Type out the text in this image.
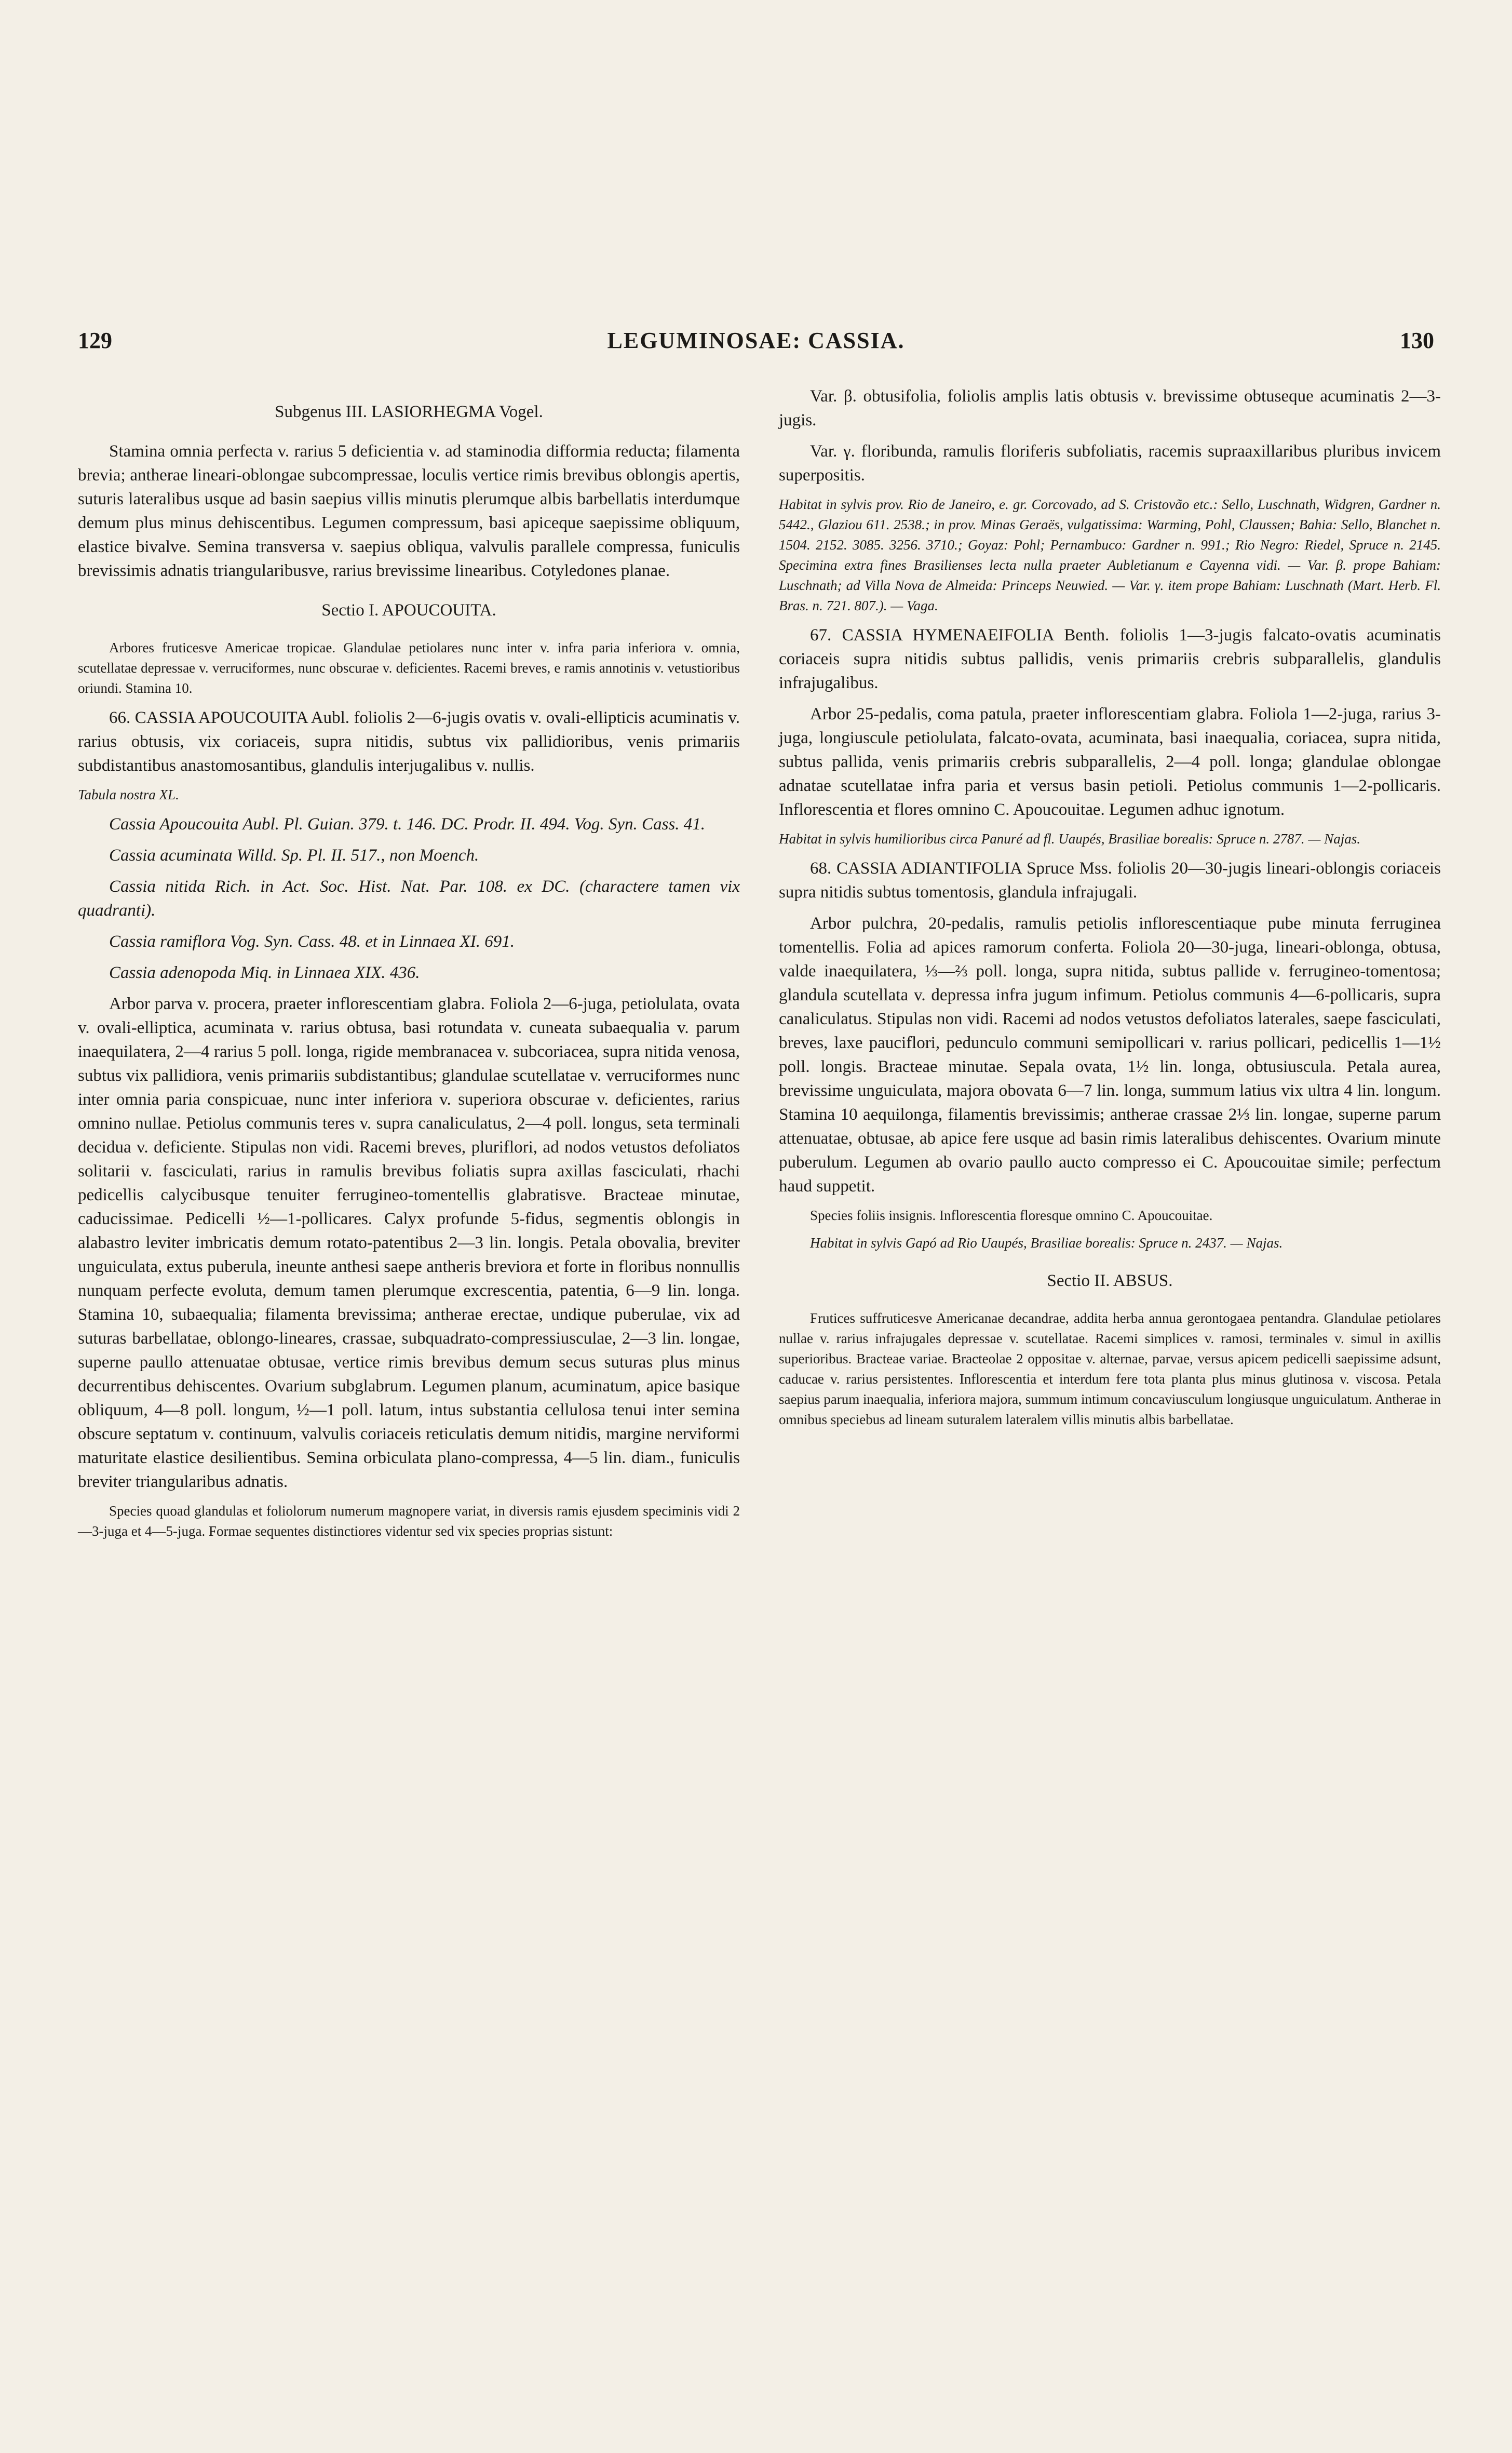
LEGUMINOSAE: CASSIA.
129	130

Subgenus III. LASIORHEGMA Vogel.

Stamina omnia perfecta v. rarius 5 deficientia v. ad staminodia difformia reducta; filamenta brevia; antherae lineari-oblongae subcompressae, loculis vertice rimis brevibus oblongis apertis, suturis lateralibus usque ad basin saepius villis minutis plerumque albis barbellatis interdumque demum plus minus dehiscentibus. Legumen compressum, basi apiceque saepissime obliquum, elastice bivalve. Semina transversa v. saepius obliqua, valvulis parallele compressa, funiculis brevissimis adnatis triangularibusve, rarius brevissime linearibus. Cotyledones planae.

Sectio I. APOUCOUITA.

Arbores fruticesve Americae tropicae. Glandulae petiolares nunc inter v. infra paria inferiora v. omnia, scutellatae depressae v. verruciformes, nunc obscurae v. deficientes. Racemi breves, e ramis annotinis v. vetustioribus oriundi. Stamina 10.

66. CASSIA APOUCOUITA Aubl. foliolis 2—6-jugis ovatis v. ovali-ellipticis acuminatis v. rarius obtusis, vix coriaceis, supra nitidis, subtus vix pallidioribus, venis primariis subdistantibus anastomosantibus, glandulis interjugalibus v. nullis.

Tabula nostra XL.

Cassia Apoucouita Aubl. Pl. Guian. 379. t. 146. DC. Prodr. II. 494. Vog. Syn. Cass. 41.

Cassia acuminata Willd. Sp. Pl. II. 517., non Moench.

Cassia nitida Rich. in Act. Soc. Hist. Nat. Par. 108. ex DC. (charactere tamen vix quadranti).

Cassia ramiflora Vog. Syn. Cass. 48. et in Linnaea XI. 691.

Cassia adenopoda Miq. in Linnaea XIX. 436.

Arbor parva v. procera, praeter inflorescentiam glabra. Foliola 2—6-juga, petiolulata, ovata v. ovali-elliptica, acuminata v. rarius obtusa, basi rotundata v. cuneata subaequalia v. parum inaequilatera, 2—4 rarius 5 poll. longa, rigide membranacea v. subcoriacea, supra nitida venosa, subtus vix pallidiora, venis primariis subdistantibus; glandulae scutellatae v. verruciformes nunc inter omnia paria conspicuae, nunc inter inferiora v. superiora obscurae v. deficientes, rarius omnino nullae. Petiolus communis teres v. supra canaliculatus, 2—4 poll. longus, seta terminali decidua v. deficiente. Stipulas non vidi. Racemi breves, pluriflori, ad nodos vetustos defoliatos solitarii v. fasciculati, rarius in ramulis brevibus foliatis supra axillas fasciculati, rhachi pedicellis calycibusque tenuiter ferrugineo-tomentellis glabratisve. Bracteae minutae, caducissimae. Pedicelli ½—1-pollicares. Calyx profunde 5-fidus, segmentis oblongis in alabastro leviter imbricatis demum rotato-patentibus 2—3 lin. longis. Petala obovalia, breviter unguiculata, extus puberula, ineunte anthesi saepe antheris breviora et forte in floribus nonnullis nunquam perfecte evoluta, demum tamen plerumque excrescentia, patentia, 6—9 lin. longa. Stamina 10, subaequalia; filamenta brevissima; antherae erectae, undique puberulae, vix ad suturas barbellatae, oblongo-lineares, crassae, subquadrato-compressiusculae, 2—3 lin. longae, superne paullo attenuatae obtusae, vertice rimis brevibus demum secus suturas plus minus decurrentibus dehiscentes. Ovarium subglabrum. Legumen planum, acuminatum, apice basique obliquum, 4—8 poll. longum, ½—1 poll. latum, intus substantia cellulosa tenui inter semina obscure septatum v. continuum, valvulis coriaceis reticulatis demum nitidis, margine nerviformi maturitate elastice desilientibus. Semina orbiculata plano-compressa, 4—5 lin. diam., funiculis breviter triangularibus adnatis.

Species quoad glandulas et foliolorum numerum magnopere variat, in diversis ramis ejusdem speciminis vidi 2—3-juga et 4—5-juga. Formae sequentes distinctiores videntur sed vix species proprias sistunt:

Var. β. obtusifolia, foliolis amplis latis obtusis v. brevissime obtuseque acuminatis 2—3-jugis.

Var. γ. floribunda, ramulis floriferis subfoliatis, racemis supraaxillaribus pluribus invicem superpositis.

Habitat in sylvis prov. Rio de Janeiro, e. gr. Corcovado, ad S. Cristovão etc.: Sello, Luschnath, Widgren, Gardner n. 5442., Glaziou 611. 2538.; in prov. Minas Geraës, vulgatissima: Warming, Pohl, Claussen; Bahia: Sello, Blanchet n. 1504. 2152. 3085. 3256. 3710.; Goyaz: Pohl; Pernambuco: Gardner n. 991.; Rio Negro: Riedel, Spruce n. 2145. Specimina extra fines Brasilienses lecta nulla praeter Aubletianum e Cayenna vidi. — Var. β. prope Bahiam: Luschnath; ad Villa Nova de Almeida: Princeps Neuwied. — Var. γ. item prope Bahiam: Luschnath (Mart. Herb. Fl. Bras. n. 721. 807.). — Vaga.

67. CASSIA HYMENAEIFOLIA Benth. foliolis 1—3-jugis falcato-ovatis acuminatis coriaceis supra nitidis subtus pallidis, venis primariis crebris subparallelis, glandulis infrajugalibus.

Arbor 25-pedalis, coma patula, praeter inflorescentiam glabra. Foliola 1—2-juga, rarius 3-juga, longiuscule petiolulata, falcato-ovata, acuminata, basi inaequalia, coriacea, supra nitida, subtus pallida, venis primariis crebris subparallelis, 2—4 poll. longa; glandulae oblongae adnatae scutellatae infra paria et versus basin petioli. Petiolus communis 1—2-pollicaris. Inflorescentia et flores omnino C. Apoucouitae. Legumen adhuc ignotum.

Habitat in sylvis humilioribus circa Panuré ad fl. Uaupés, Brasiliae borealis: Spruce n. 2787. — Najas.

68. CASSIA ADIANTIFOLIA Spruce Mss. foliolis 20—30-jugis lineari-oblongis coriaceis supra nitidis subtus tomentosis, glandula infrajugali.

Arbor pulchra, 20-pedalis, ramulis petiolis inflorescentiaque pube minuta ferruginea tomentellis. Folia ad apices ramorum conferta. Foliola 20—30-juga, lineari-oblonga, obtusa, valde inaequilatera, ⅓—⅔ poll. longa, supra nitida, subtus pallide v. ferrugineo-tomentosa; glandula scutellata v. depressa infra jugum infimum. Petiolus communis 4—6-pollicaris, supra canaliculatus. Stipulas non vidi. Racemi ad nodos vetustos defoliatos laterales, saepe fasciculati, breves, laxe pauciflori, pedunculo communi semipollicari v. rarius pollicari, pedicellis 1—1½ poll. longis. Bracteae minutae. Sepala ovata, 1½ lin. longa, obtusiuscula. Petala aurea, brevissime unguiculata, majora obovata 6—7 lin. longa, summum latius vix ultra 4 lin. longum. Stamina 10 aequilonga, filamentis brevissimis; antherae crassae 2⅓ lin. longae, superne parum attenuatae, obtusae, ab apice fere usque ad basin rimis lateralibus dehiscentes. Ovarium minute puberulum. Legumen ab ovario paullo aucto compresso ei C. Apoucouitae simile; perfectum haud suppetit.

Species foliis insignis. Inflorescentia floresque omnino C. Apoucouitae.

Habitat in sylvis Gapó ad Rio Uaupés, Brasiliae borealis: Spruce n. 2437. — Najas.

Sectio II. ABSUS.

Frutices suffruticesve Americanae decandrae, addita herba annua gerontogaea pentandra. Glandulae petiolares nullae v. rarius infrajugales depressae v. scutellatae. Racemi simplices v. ramosi, terminales v. simul in axillis superioribus. Bracteae variae. Bracteolae 2 oppositae v. alternae, parvae, versus apicem pedicelli saepissime adsunt, caducae v. rarius persistentes. Inflorescentia et interdum fere tota planta plus minus glutinosa v. viscosa. Petala saepius parum inaequalia, inferiora majora, summum intimum concaviusculum longiusque unguiculatum. Antherae in omnibus speciebus ad lineam suturalem lateralem villis minutis albis barbellatae.
